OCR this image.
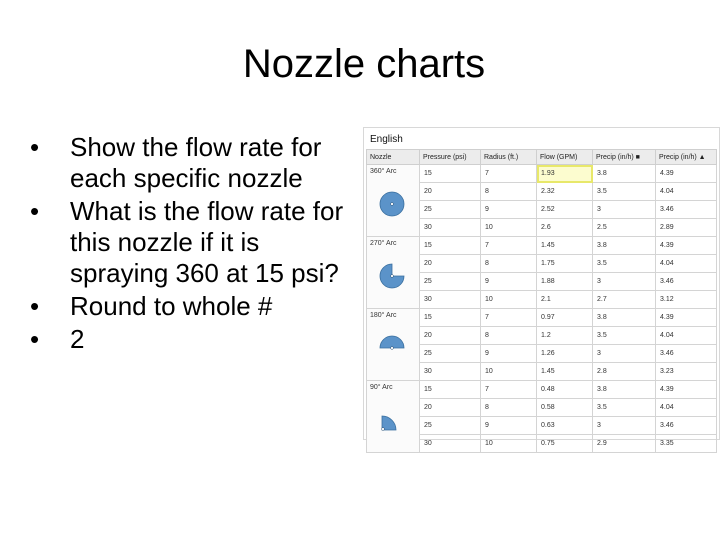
Nozzle charts
• Show the flow rate for each specific nozzle
• What is the flow rate for this nozzle if it is spraying 360 at 15 psi?
• Round to whole #
• 2
English
Nozzle	Pressure (psi)	Radius (ft.)	Flow (GPM)	Precip (in/h) ■	Precip (in/h) ▲

360° Arc	15	7	1.93	3.8	4.39
	20	8	2.32	3.5	4.04
	25	9	2.52	3	3.46
	30	10	2.6	2.5	2.89

270° Arc	15	7	1.45	3.8	4.39
	20	8	1.75	3.5	4.04
	25	9	1.88	3	3.46
	30	10	2.1	2.7	3.12

180° Arc	15	7	0.97	3.8	4.39
	20	8	1.2	3.5	4.04
	25	9	1.26	3	3.46
	30	10	1.45	2.8	3.23

90° Arc	15	7	0.48	3.8	4.39
	20	8	0.58	3.5	4.04
	25	9	0.63	3	3.46
	30	10	0.75	2.9	3.35
